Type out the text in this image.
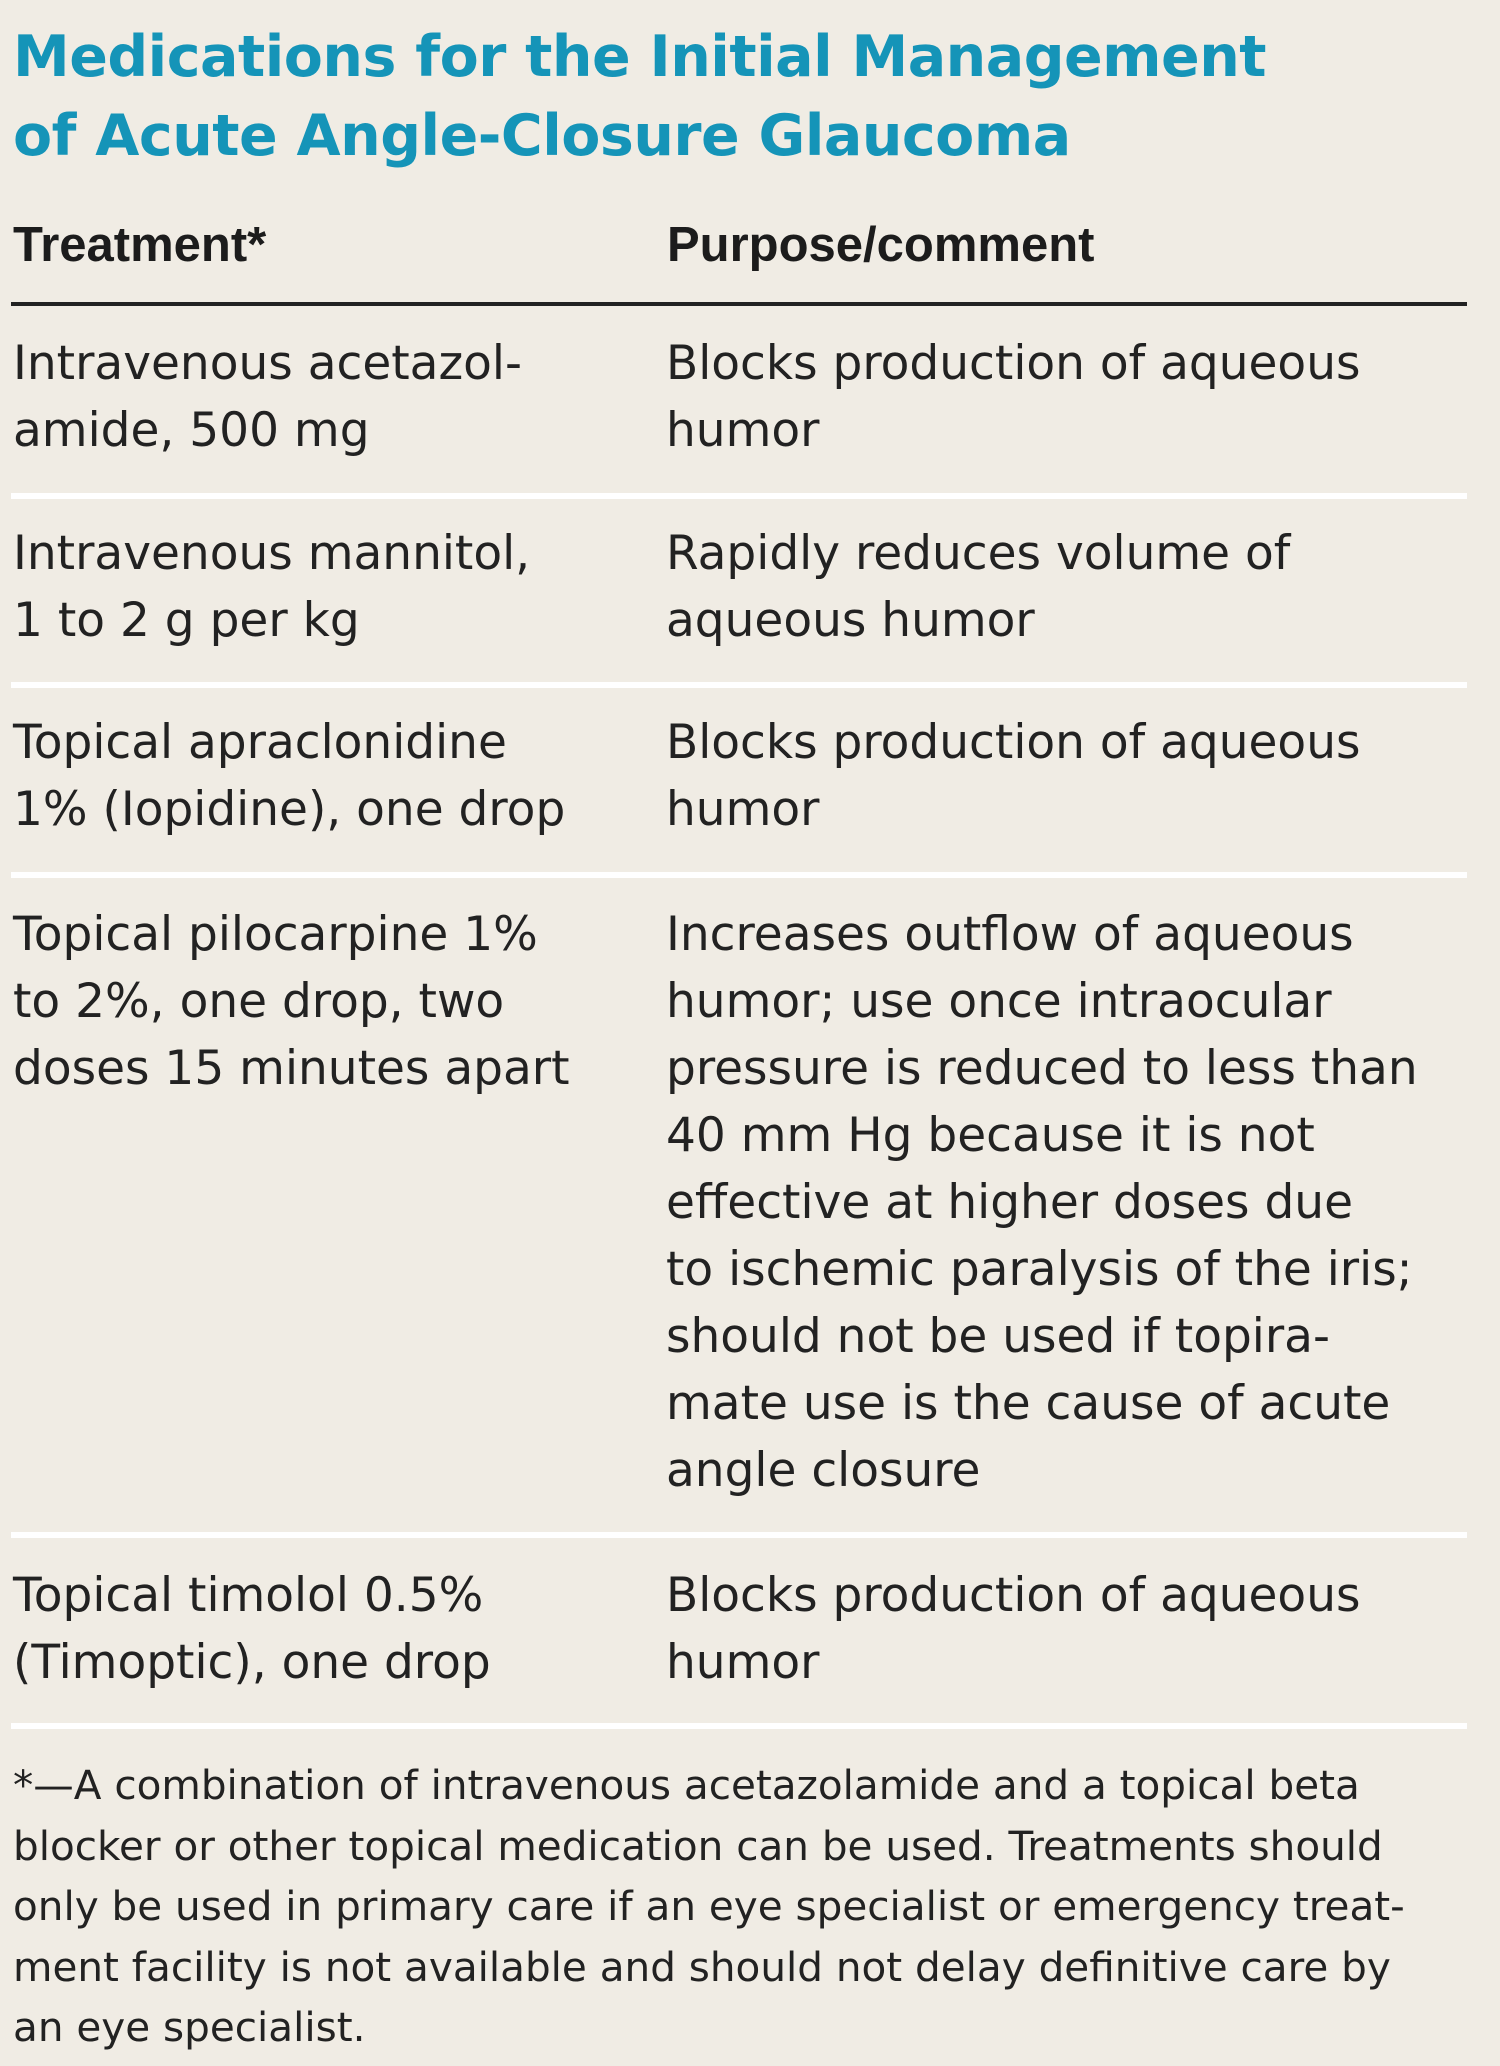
Medications for the Initial Management
of Acute Angle-Closure Glaucoma
Treatment*	Purpose/comment
Intravenous acetazol-
amide, 500 mg
Blocks production of aqueous
humor
Intravenous mannitol,
1 to 2 g per kg
Rapidly reduces volume of
aqueous humor
Topical apraclonidine
1% (Iopidine), one drop
Blocks production of aqueous
humor
Topical pilocarpine 1%
to 2%, one drop, two
doses 15 minutes apart
Increases outflow of aqueous
humor; use once intraocular
pressure is reduced to less than
40 mm Hg because it is not
effective at higher doses due
to ischemic paralysis of the iris;
should not be used if topira-
mate use is the cause of acute
angle closure
Topical timolol 0.5%
(Timoptic), one drop
Blocks production of aqueous
humor
*—A combination of intravenous acetazolamide and a topical beta
blocker or other topical medication can be used. Treatments should
only be used in primary care if an eye specialist or emergency treat-
ment facility is not available and should not delay definitive care by
an eye specialist.
